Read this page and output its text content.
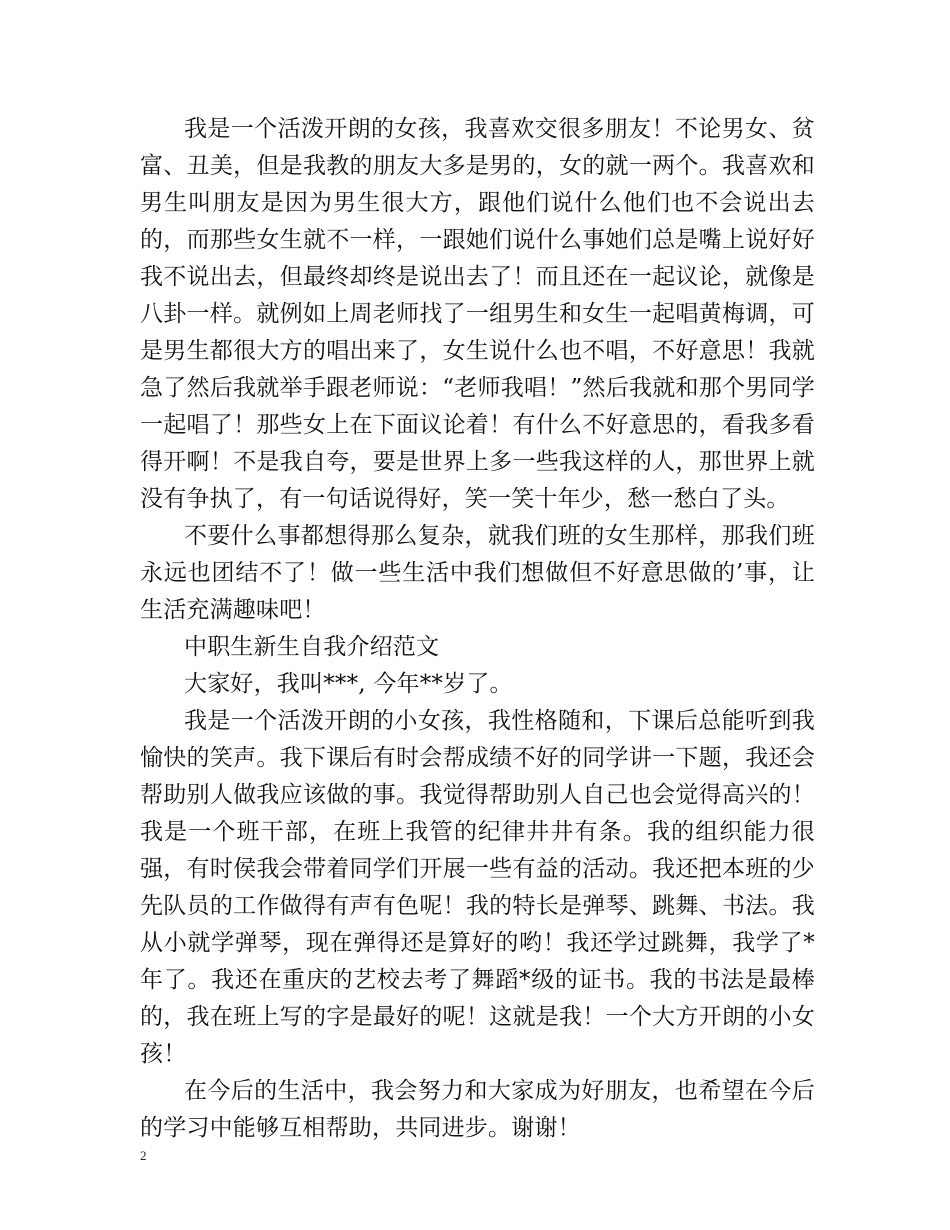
我是一个活泼开朗的女孩，我喜欢交很多朋友！不论男女、贫富、丑美，但是我教的朋友大多是男的，女的就一两个。我喜欢和男生叫朋友是因为男生很大方，跟他们说什么他们也不会说出去的，而那些女生就不一样，一跟她们说什么事她们总是嘴上说好好我不说出去，但最终却终是说出去了！而且还在一起议论，就像是八卦一样。就例如上周老师找了一组男生和女生一起唱黄梅调，可是男生都很大方的唱出来了，女生说什么也不唱，不好意思！我就急了然后我就举手跟老师说：“老师我唱！”然后我就和那个男同学一起唱了！那些女上在下面议论着！有什么不好意思的，看我多看得开啊！不是我自夸，要是世界上多一些我这样的人，那世界上就没有争执了，有一句话说得好，笑一笑十年少，愁一愁白了头。

不要什么事都想得那么复杂，就我们班的女生那样，那我们班永远也团结不了！做一些生活中我们想做但不好意思做的’事，让生活充满趣味吧！

中职生新生自我介绍范文

大家好，我叫***, 今年**岁了。

我是一个活泼开朗的小女孩，我性格随和，下课后总能听到我愉快的笑声。我下课后有时会帮成绩不好的同学讲一下题，我还会帮助别人做我应该做的事。我觉得帮助别人自己也会觉得高兴的！我是一个班干部，在班上我管的纪律井井有条。我的组织能力很强，有时侯我会带着同学们开展一些有益的活动。我还把本班的少先队员的工作做得有声有色呢！我的特长是弹琴、跳舞、书法。我从小就学弹琴，现在弹得还是算好的哟！我还学过跳舞，我学了*年了。我还在重庆的艺校去考了舞蹈*级的证书。我的书法是最棒的，我在班上写的字是最好的呢！这就是我！一个大方开朗的小女孩！

在今后的生活中，我会努力和大家成为好朋友，也希望在今后的学习中能够互相帮助，共同进步。谢谢！

2
